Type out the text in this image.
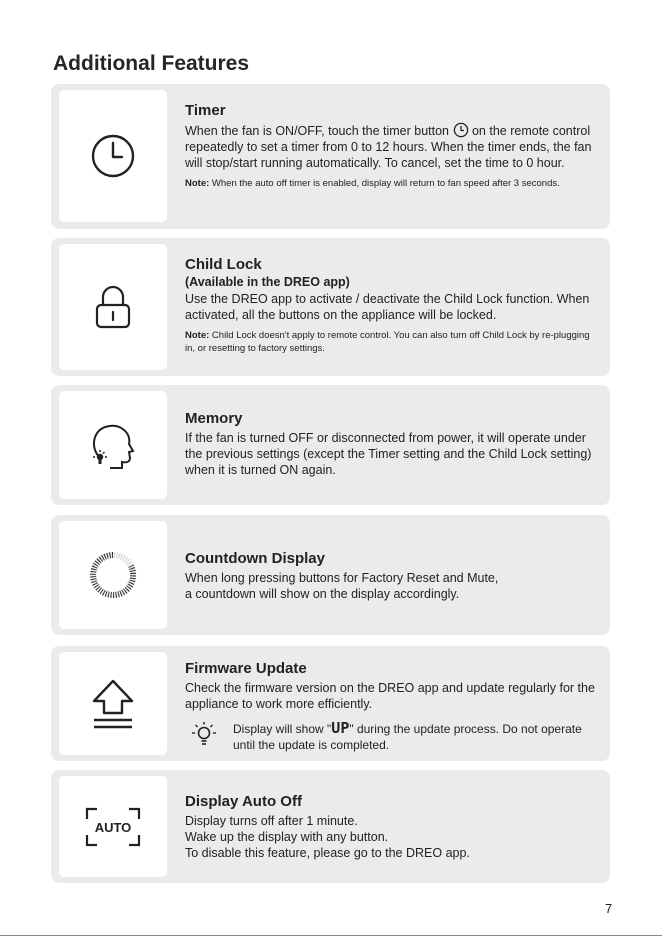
Additional Features
Timer
When the fan is ON/OFF, touch the timer button on the remote control repeatedly to set a timer from 0 to 12 hours. When the timer ends, the fan will stop/start running automatically. To cancel, set the time to 0 hour.
Note: When the auto off timer is enabled, display will return to fan speed after 3 seconds.
Child Lock
(Available in the DREO app)
Use the DREO app to activate / deactivate the Child Lock function. When activated, all the buttons on the appliance will be locked.
Note: Child Lock doesn't apply to remote control. You can also turn off Child Lock by re-plugging in, or resetting to factory settings.
Memory
If the fan is turned OFF or disconnected from power, it will operate under the previous settings (except the Timer setting and the Child Lock setting) when it is turned ON again.
Countdown Display
When long pressing buttons for Factory Reset and Mute,
a countdown will show on the display accordingly.
Firmware Update
Check the firmware version on the DREO app and update regularly for the appliance to work more efficiently.
Display will show "UP" during the update process. Do not operate until the update is completed.
AUTO
Display Auto Off
Display turns off after 1 minute.
Wake up the display with any button.
To disable this feature, please go to the DREO app.
7
